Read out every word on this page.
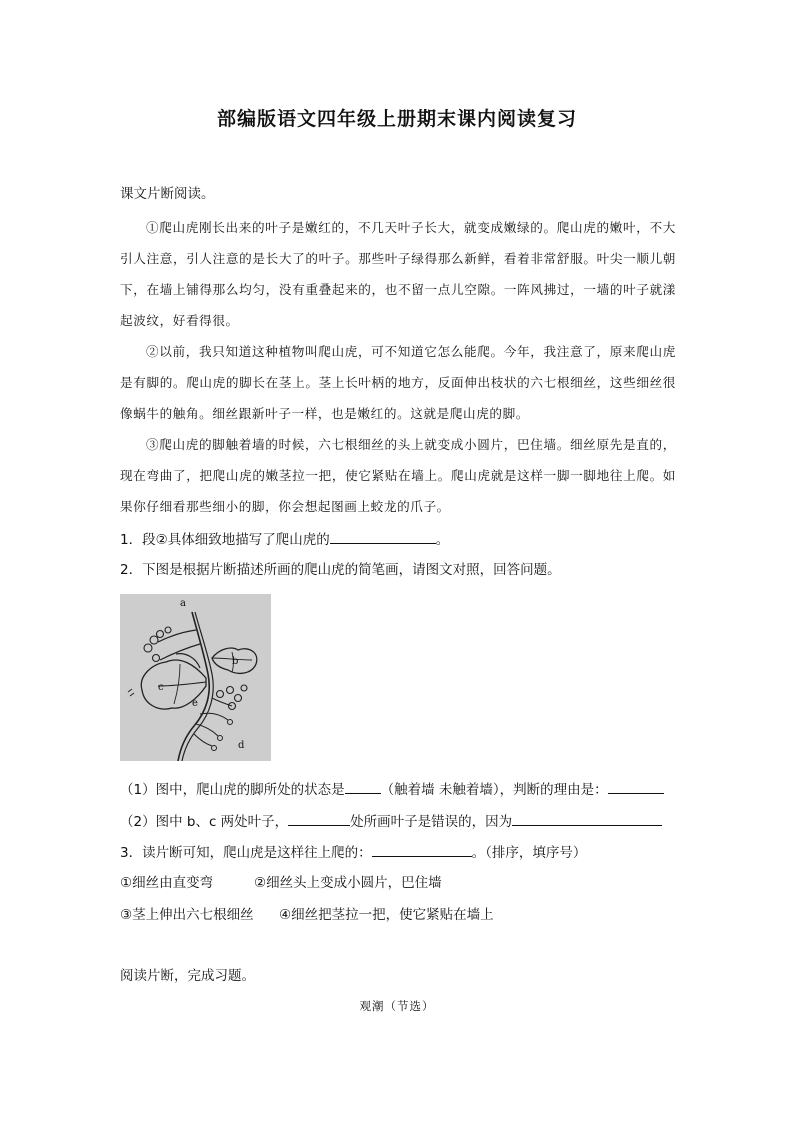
部编版语文四年级上册期末课内阅读复习
课文片断阅读。

①爬山虎刚长出来的叶子是嫩红的，不几天叶子长大，就变成嫩绿的。爬山虎的嫩叶，不大引人注意，引人注意的是长大了的叶子。那些叶子绿得那么新鲜，看着非常舒服。叶尖一顺儿朝下，在墙上铺得那么均匀，没有重叠起来的，也不留一点儿空隙。一阵风拂过，一墙的叶子就漾起波纹，好看得很。

②以前，我只知道这种植物叫爬山虎，可不知道它怎么能爬。今年，我注意了，原来爬山虎是有脚的。爬山虎的脚长在茎上。茎上长叶柄的地方，反面伸出枝状的六七根细丝，这些细丝很像蜗牛的触角。细丝跟新叶子一样，也是嫩红的。这就是爬山虎的脚。

③爬山虎的脚触着墙的时候，六七根细丝的头上就变成小圆片，巴住墙。细丝原先是直的，现在弯曲了，把爬山虎的嫩茎拉一把，使它紧贴在墙上。爬山虎就是这样一脚一脚地往上爬。如果你仔细看那些细小的脚，你会想起图画上蛟龙的爪子。

1．段②具体细致地描写了爬山虎的	。
2．下图是根据片断描述所画的爬山虎的简笔画，请图文对照，回答问题。
a
b
c
d
e
（1）图中，爬山虎的脚所处的状态是	（触着墙 未触着墙），判断的理由是：
（2）图中 b、c 两处叶子，	处所画叶子是错误的，因为
3．读片断可知，爬山虎是这样往上爬的：	。（排序，填序号）
①细丝由直变弯	②细丝头上变成小圆片，巴住墙
③茎上伸出六七根细丝 ④细丝把茎拉一把，使它紧贴在墙上
阅读片断，完成习题。
观潮（节选）
